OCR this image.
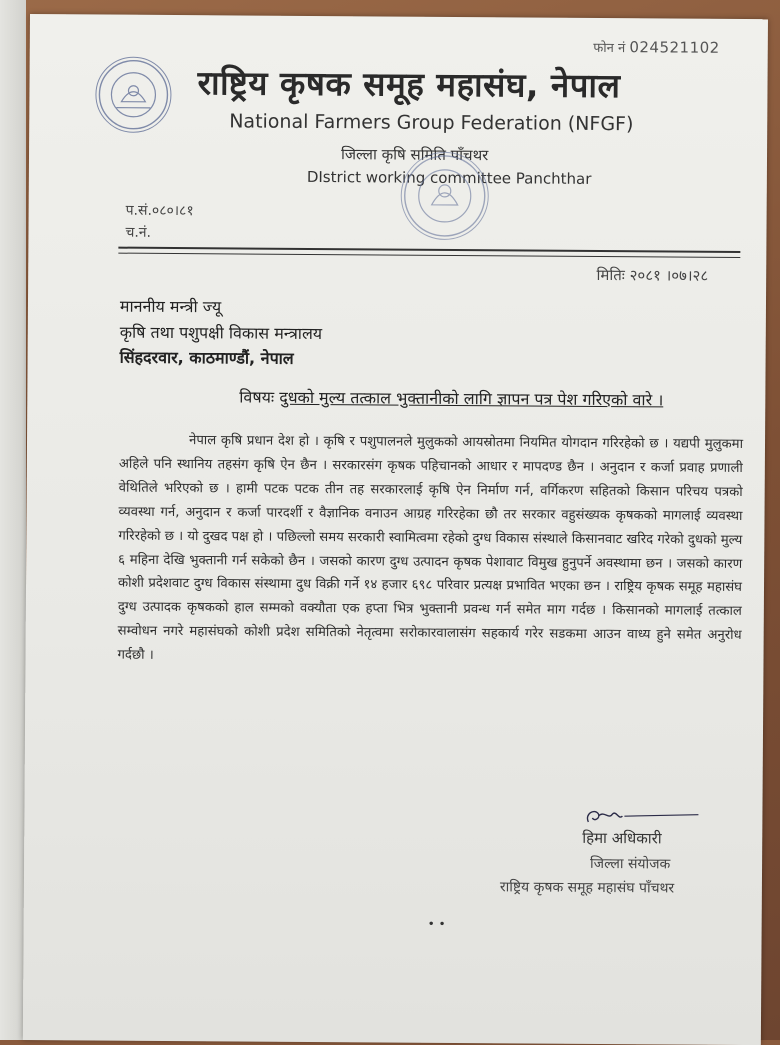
फोन नं 024521102
राष्ट्रिय कृषक समूह महासंघ, नेपाल
National Farmers Group Federation (NFGF)
जिल्ला कृषि समिति पाँचथर
DIstrict working committee Panchthar
प.सं.०८०।८१
च.नं.
मितिः २०८१ ।०७।२८
माननीय मन्त्री ज्यू
कृषि तथा पशुपक्षी विकास मन्त्रालय
सिंहदरवार, काठमाण्डौं, नेपाल
विषयः दुधको मुल्य तत्काल भुक्तानीको लागि ज्ञापन पत्र पेश गरिएको वारे ।
नेपाल कृषि प्रधान देश हो । कृषि र पशुपालनले मुलुकको आयस्रोतमा नियमित योगदान गरिरहेको छ । यद्यपी मुलुकमा अहिले पनि स्थानिय तहसंग कृषि ऐन छैन । सरकारसंग कृषक पहिचानको आधार र मापदण्ड छैन । अनुदान र कर्जा प्रवाह प्रणाली वेथितिले भरिएको छ । हामी पटक पटक तीन तह सरकारलाई कृषि ऐन निर्माण गर्न, वर्गिकरण सहितको किसान परिचय पत्रको व्यवस्था गर्न, अनुदान र कर्जा पारदर्शी र वैज्ञानिक वनाउन आग्रह गरिरहेका छौ तर सरकार वहुसंख्यक कृषकको मागलाई व्यवस्था गरिरहेको छ । यो दुखद पक्ष हो । पछिल्लो समय सरकारी स्वामित्वमा रहेको दुग्ध विकास संस्थाले किसानवाट खरिद गरेको दुधको मुल्य ६ महिना देखि भुक्तानी गर्न सकेको छैन । जसको कारण दुग्ध उत्पादन कृषक पेशावाट विमुख हुनुपर्ने अवस्थामा छन । जसको कारण कोशी प्रदेशवाट दुग्ध विकास संस्थामा दुध विक्री गर्ने १४ हजार ६९८ परिवार प्रत्यक्ष प्रभावित भएका छन । राष्ट्रिय कृषक समूह महासंघ दुग्ध उत्पादक कृषकको हाल सम्मको वक्यौता एक हप्ता भित्र भुक्तानी प्रवन्ध गर्न समेत माग गर्दछ । किसानको मागलाई तत्काल सम्वोधन नगरे महासंघको कोशी प्रदेश समितिको नेतृत्वमा सरोकारवालासंग सहकार्य गरेर सडकमा आउन वाध्य हुने समेत अनुरोध गर्दछौ ।
हिमा अधिकारी
जिल्ला संयोजक
राष्ट्रिय कृषक समूह महासंघ पाँचथर
• •
